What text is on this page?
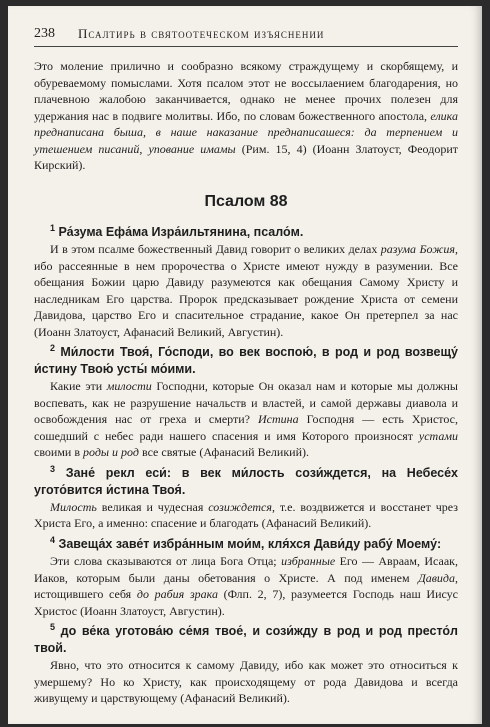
238 Псалтирь в святоотеческом изъяснении

Это моление прилично и сообразно всякому страждущему и скорбящему, и обуреваемому помыслами. Хотя псалом этот не воссылаением благодарения, но плачевною жалобою заканчивается, однако не менее прочих полезен для удержания нас в подвиге молитвы. Ибо, по словам божественного апостола, елика преднаписана быша, в наше наказание преднаписашеся: да терпением и утешением писаний, упование имамы (Рим. 15, 4) (Иоанн Златоуст, Феодорит Кирский).

Псалом 88

$^1$ Ра́зума Ефа́ма Изра́ильтянина, псало́м.

И в этом псалме божественный Давид говорит о великих делах разума Божия, ибо рассеянные в нем пророчества о Христе имеют нужду в разумении. Все обещания Божии царю Давиду разумеются как обещания Самому Христу и наследникам Его царства. Пророк предсказывает рождение Христа от семени Давидова, царство Его и спасительное страдание, какое Он претерпел за нас (Иоанн Златоуст, Афанасий Великий, Августин).

$^2$ Ми́лости Твоя́, Го́споди, во век воспою́, в род и род возвещу́ и́стину Твою́ усты́ мо́ими.

Какие эти милости Господни, которые Он оказал нам и которые мы должны воспевать, как не разрушение начальств и властей, и самой державы диавола и освобождения нас от греха и смерти? Истина Господня — есть Христос, сошедший с небес ради нашего спасения и имя Которого произносят устами своими в роды и род все святые (Афанасий Великий).

$^3$ Зане́ рекл еси́: в век ми́лость сози́ждется, на Небесе́х угото́вится и́стина Твоя́.

Милость великая и чудесная созиждется, т.е. воздвижется и восстанет чрез Христа Его, а именно: спасение и благодать (Афанасий Великий).

$^4$ Завеща́х заве́т избра́нным мои́м, кля́хся Дави́ду рабу́ Моему́:

Эти слова сказываются от лица Бога Отца; избранные Его — Авраам, Исаак, Иаков, которым были даны обетования о Христе. А под именем Давида, истощившего себя до рабия зрака (Флп. 2, 7), разумеется Господь наш Иисус Христос (Иоанн Златоуст, Августин).

$^5$ до ве́ка уготова́ю се́мя твое́, и сози́жду в род и род престо́л твой.

Явно, что это относится к самому Давиду, ибо как может это относиться к умершему? Но ко Христу, как происходящему от рода Давидова и всегда живущему и царствующему (Афанасий Великий).
